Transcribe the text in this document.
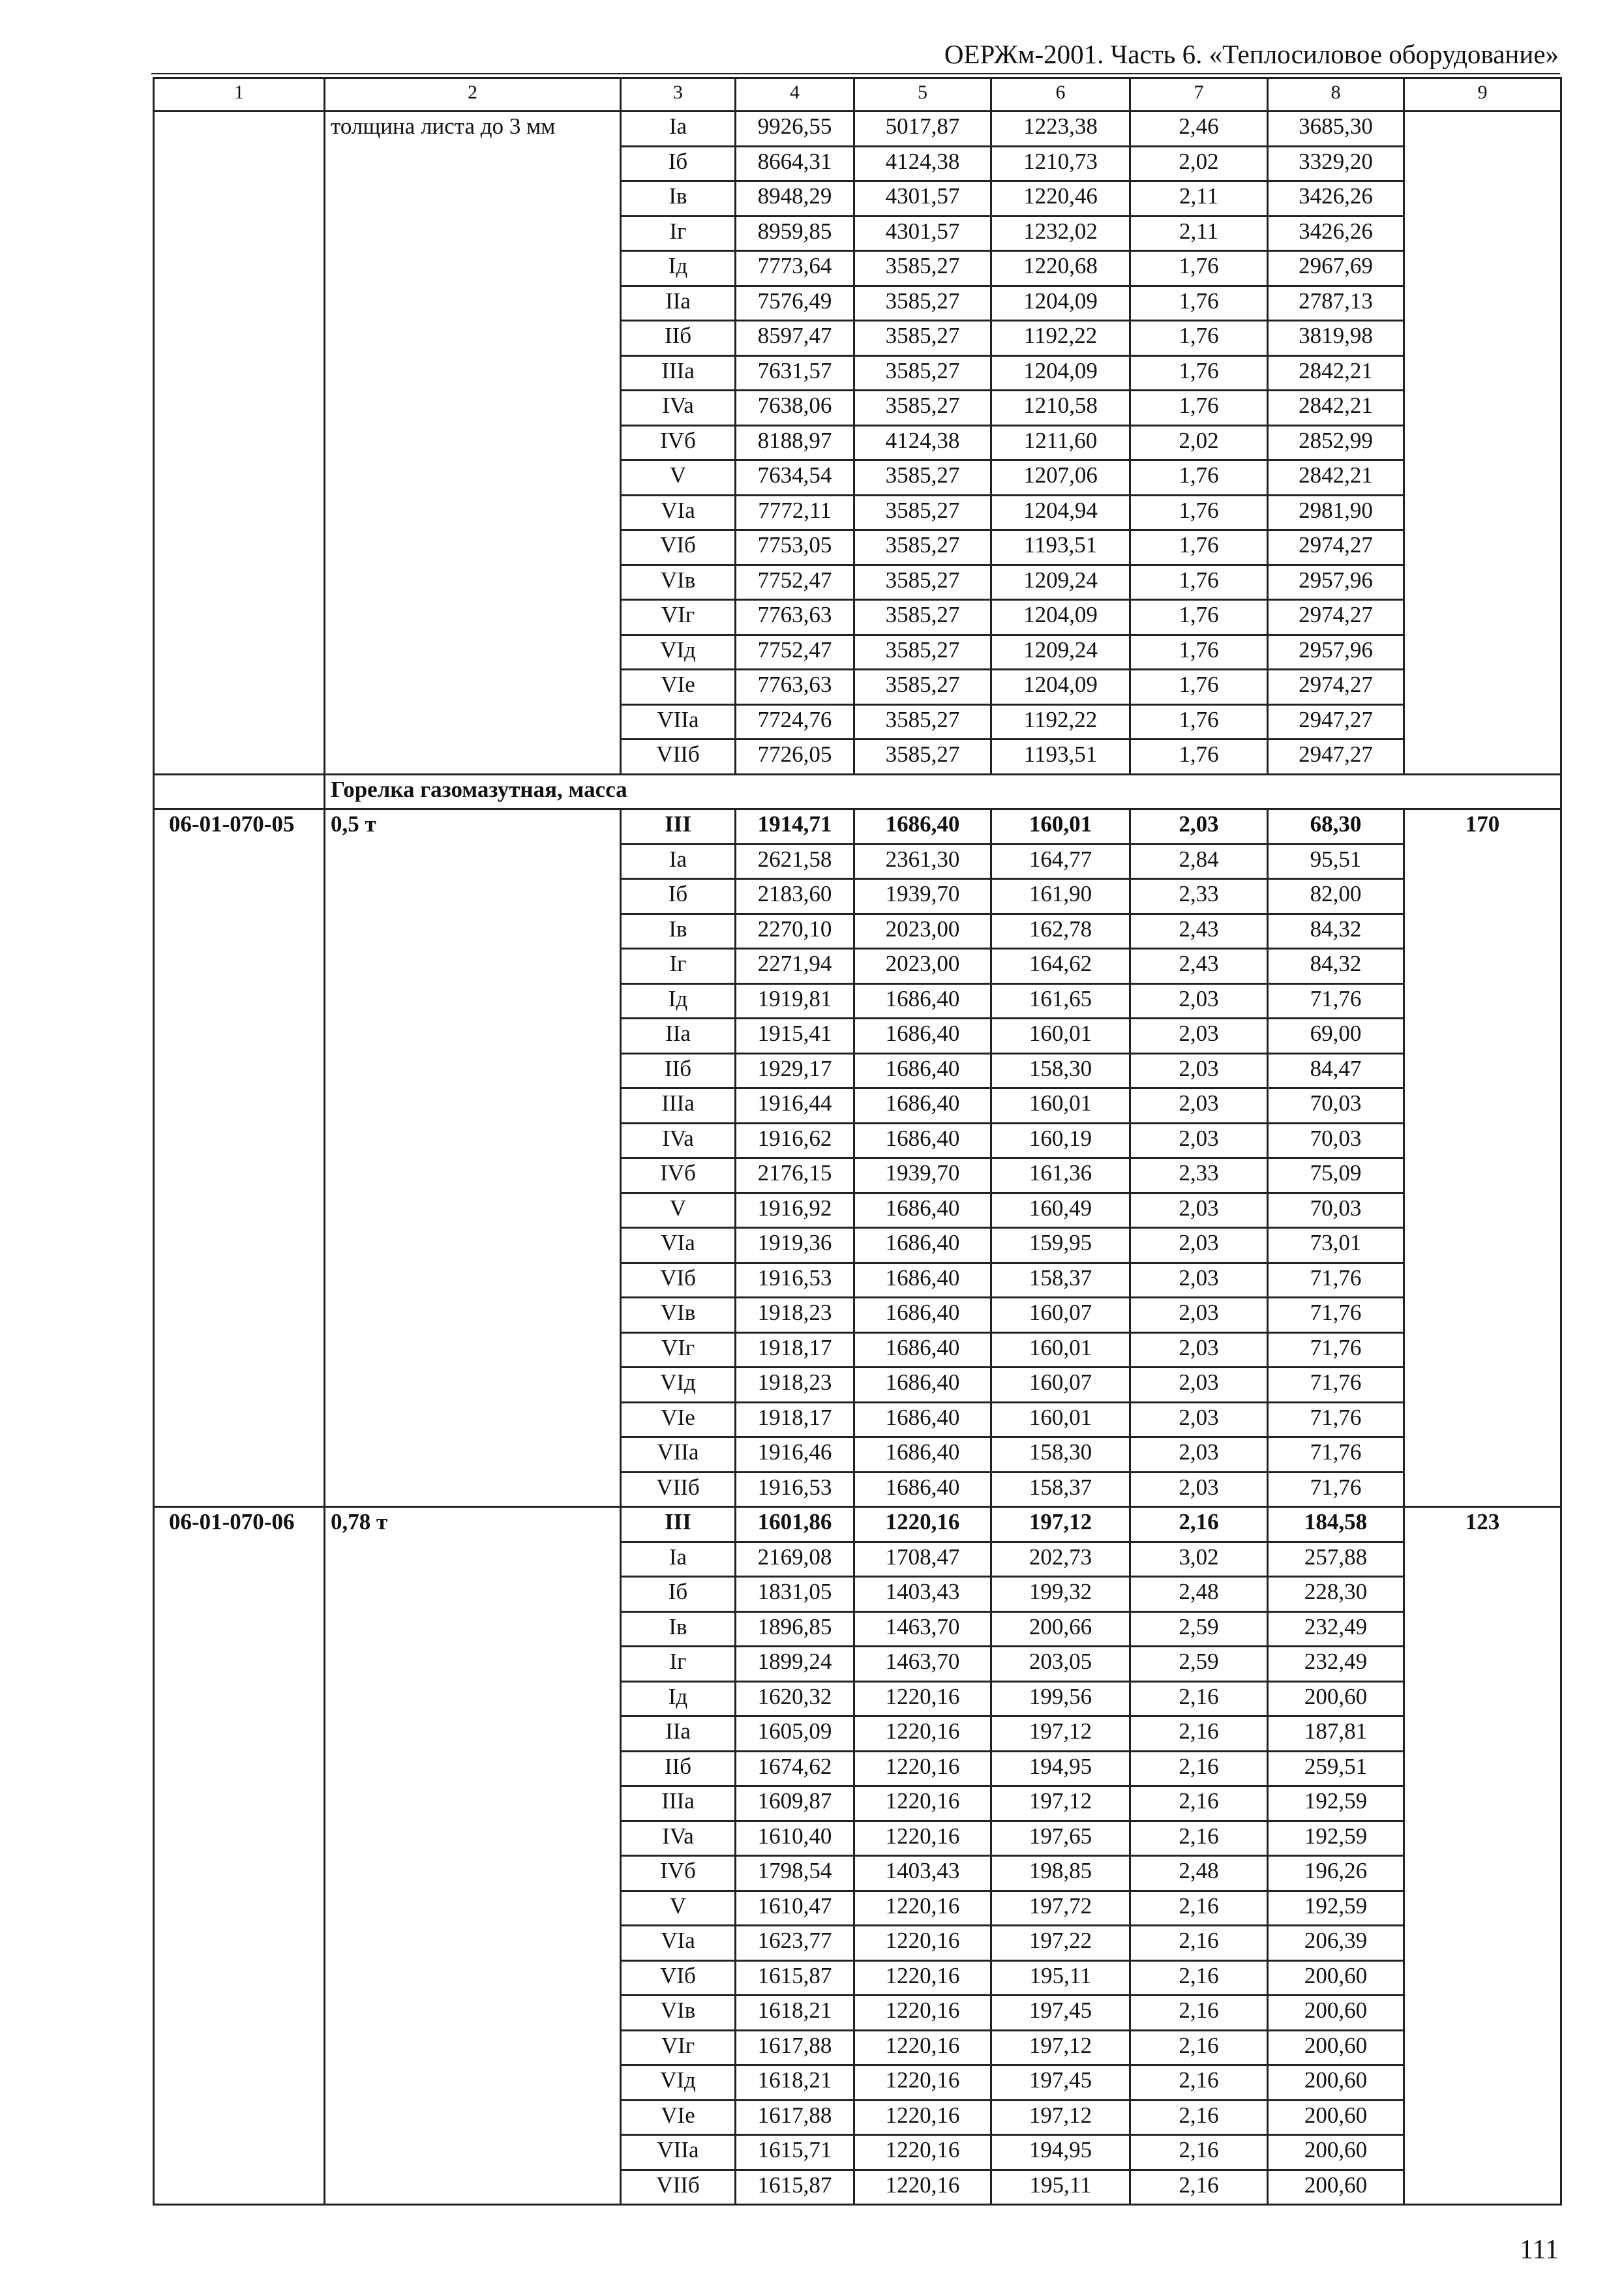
ОЕРЖм-2001. Часть 6. «Теплосиловое оборудование»
1	2	3	4	5	6	7	8	9
	толщина листа до 3 мм	Ia	9926,55	5017,87	1223,38	2,46	3685,30	
		Iб	8664,31	4124,38	1210,73	2,02	3329,20	
		Iв	8948,29	4301,57	1220,46	2,11	3426,26	
		Iг	8959,85	4301,57	1232,02	2,11	3426,26	
		Iд	7773,64	3585,27	1220,68	1,76	2967,69	
		IIa	7576,49	3585,27	1204,09	1,76	2787,13	
		IIб	8597,47	3585,27	1192,22	1,76	3819,98	
		IIIa	7631,57	3585,27	1204,09	1,76	2842,21	
		IVa	7638,06	3585,27	1210,58	1,76	2842,21	
		IVб	8188,97	4124,38	1211,60	2,02	2852,99	
		V	7634,54	3585,27	1207,06	1,76	2842,21	
		VIa	7772,11	3585,27	1204,94	1,76	2981,90	
		VIб	7753,05	3585,27	1193,51	1,76	2974,27	
		VIв	7752,47	3585,27	1209,24	1,76	2957,96	
		VIг	7763,63	3585,27	1204,09	1,76	2974,27	
		VIд	7752,47	3585,27	1209,24	1,76	2957,96	
		VIe	7763,63	3585,27	1204,09	1,76	2974,27	
		VIIa	7724,76	3585,27	1192,22	1,76	2947,27	
		VIIб	7726,05	3585,27	1193,51	1,76	2947,27	
	Горелка газомазутная, масса							
06-01-070-05	0,5 т	III	1914,71	1686,40	160,01	2,03	68,30	170
		Ia	2621,58	2361,30	164,77	2,84	95,51	
		Iб	2183,60	1939,70	161,90	2,33	82,00	
		Iв	2270,10	2023,00	162,78	2,43	84,32	
		Iг	2271,94	2023,00	164,62	2,43	84,32	
		Iд	1919,81	1686,40	161,65	2,03	71,76	
		IIa	1915,41	1686,40	160,01	2,03	69,00	
		IIб	1929,17	1686,40	158,30	2,03	84,47	
		IIIa	1916,44	1686,40	160,01	2,03	70,03	
		IVa	1916,62	1686,40	160,19	2,03	70,03	
		IVб	2176,15	1939,70	161,36	2,33	75,09	
		V	1916,92	1686,40	160,49	2,03	70,03	
		VIa	1919,36	1686,40	159,95	2,03	73,01	
		VIб	1916,53	1686,40	158,37	2,03	71,76	
		VIв	1918,23	1686,40	160,07	2,03	71,76	
		VIг	1918,17	1686,40	160,01	2,03	71,76	
		VIд	1918,23	1686,40	160,07	2,03	71,76	
		VIe	1918,17	1686,40	160,01	2,03	71,76	
		VIIa	1916,46	1686,40	158,30	2,03	71,76	
		VIIб	1916,53	1686,40	158,37	2,03	71,76	
06-01-070-06	0,78 т	III	1601,86	1220,16	197,12	2,16	184,58	123
		Ia	2169,08	1708,47	202,73	3,02	257,88	
		Iб	1831,05	1403,43	199,32	2,48	228,30	
		Iв	1896,85	1463,70	200,66	2,59	232,49	
		Iг	1899,24	1463,70	203,05	2,59	232,49	
		Iд	1620,32	1220,16	199,56	2,16	200,60	
		IIa	1605,09	1220,16	197,12	2,16	187,81	
		IIб	1674,62	1220,16	194,95	2,16	259,51	
		IIIa	1609,87	1220,16	197,12	2,16	192,59	
		IVa	1610,40	1220,16	197,65	2,16	192,59	
		IVб	1798,54	1403,43	198,85	2,48	196,26	
		V	1610,47	1220,16	197,72	2,16	192,59	
		VIa	1623,77	1220,16	197,22	2,16	206,39	
		VIб	1615,87	1220,16	195,11	2,16	200,60	
		VIв	1618,21	1220,16	197,45	2,16	200,60	
		VIг	1617,88	1220,16	197,12	2,16	200,60	
		VIд	1618,21	1220,16	197,45	2,16	200,60	
		VIe	1617,88	1220,16	197,12	2,16	200,60	
		VIIa	1615,71	1220,16	194,95	2,16	200,60	
		VIIб	1615,87	1220,16	195,11	2,16	200,60	
111
